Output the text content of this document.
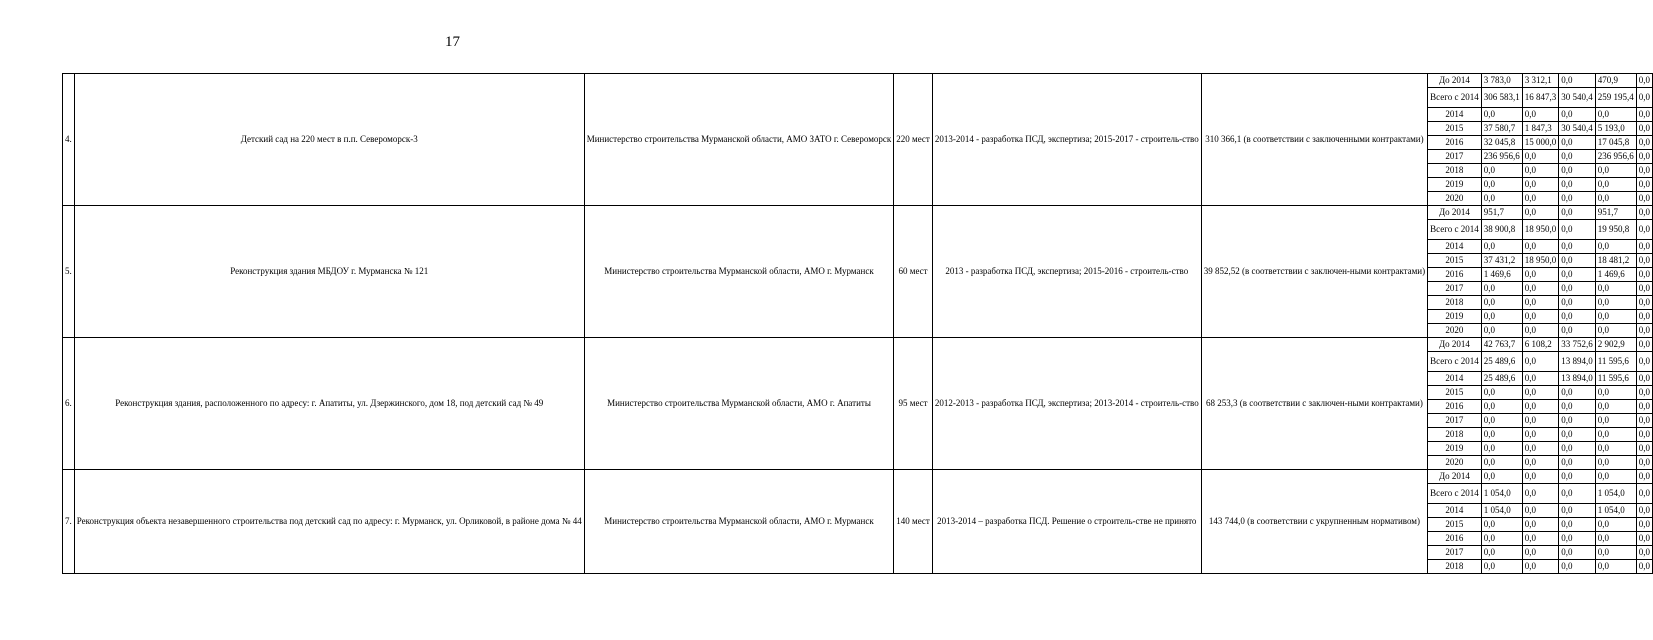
17
4.	Детский сад на 220 мест в п.п. Североморск-3	Министерство строительства Мурманской области, АМО ЗАТО г. Североморск	220 мест	2013-2014 - разработка ПСД, экспертиза; 2015-2017 - строитель-ство	310 366,1 (в соответствии с заключенными контрактами)	До 2014	3 783,0	3 312,1	0,0	470,9	0,0
						Всего с 2014	306 583,1	16 847,3	30 540,4	259 195,4	0,0
						2014	0,0	0,0	0,0	0,0	0,0
						2015	37 580,7	1 847,3	30 540,4	5 193,0	0,0
						2016	32 045,8	15 000,0	0,0	17 045,8	0,0
						2017	236 956,6	0,0	0,0	236 956,6	0,0
						2018	0,0	0,0	0,0	0,0	0,0
						2019	0,0	0,0	0,0	0,0	0,0
						2020	0,0	0,0	0,0	0,0	0,0
5.	Реконструкция здания МБДОУ г. Мурманска № 121	Министерство строительства Мурманской области, АМО г. Мурманск	60 мест	2013 - разработка ПСД, экспертиза; 2015-2016 - строитель-ство	39 852,52 (в соответствии с заключен-ными контрактами)	До 2014	951,7	0,0	0,0	951,7	0,0
						Всего с 2014	38 900,8	18 950,0	0,0	19 950,8	0,0
						2014	0,0	0,0	0,0	0,0	0,0
						2015	37 431,2	18 950,0	0,0	18 481,2	0,0
						2016	1 469,6	0,0	0,0	1 469,6	0,0
						2017	0,0	0,0	0,0	0,0	0,0
						2018	0,0	0,0	0,0	0,0	0,0
						2019	0,0	0,0	0,0	0,0	0,0
						2020	0,0	0,0	0,0	0,0	0,0
6.	Реконструкция здания, расположенного по адресу: г. Апатиты, ул. Дзержинского, дом 18, под детский сад № 49	Министерство строительства Мурманской области, АМО г. Апатиты	95 мест	2012-2013 - разработка ПСД, экспертиза; 2013-2014 - строитель-ство	68 253,3 (в соответствии с заключен-ными контрактами)	До 2014	42 763,7	6 108,2	33 752,6	2 902,9	0,0
						Всего с 2014	25 489,6	0,0	13 894,0	11 595,6	0,0
						2014	25 489,6	0,0	13 894,0	11 595,6	0,0
						2015	0,0	0,0	0,0	0,0	0,0
						2016	0,0	0,0	0,0	0,0	0,0
						2017	0,0	0,0	0,0	0,0	0,0
						2018	0,0	0,0	0,0	0,0	0,0
						2019	0,0	0,0	0,0	0,0	0,0
						2020	0,0	0,0	0,0	0,0	0,0
7.	Реконструкция объекта незавершенного строительства под детский сад по адресу: г. Мурманск, ул. Орликовой, в районе дома № 44	Министерство строительства Мурманской области, АМО г. Мурманск	140 мест	2013-2014 – разработка ПСД. Решение о строитель-стве не принято	143 744,0 (в соответствии с укрупненным нормативом)	До 2014	0,0	0,0	0,0	0,0	0,0
						Всего с 2014	1 054,0	0,0	0,0	1 054,0	0,0
						2014	1 054,0	0,0	0,0	1 054,0	0,0
						2015	0,0	0,0	0,0	0,0	0,0
						2016	0,0	0,0	0,0	0,0	0,0
						2017	0,0	0,0	0,0	0,0	0,0
						2018	0,0	0,0	0,0	0,0	0,0
